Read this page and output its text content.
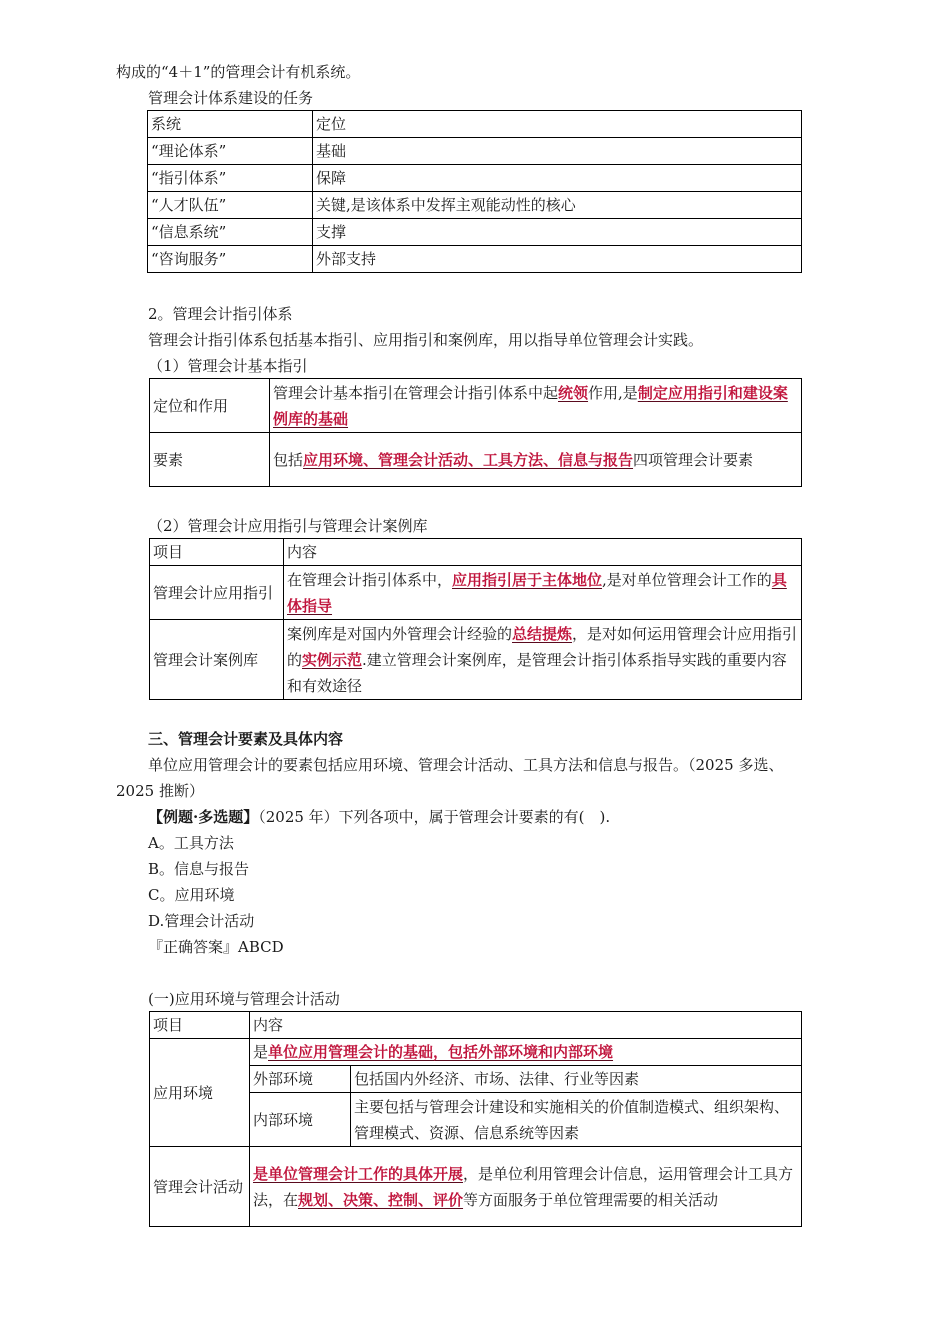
构成的“4＋1”的管理会计有机系统。
管理会计体系建设的任务
系统	定位
“理论体系”	基础
“指引体系”	保障
“人才队伍”	关键,是该体系中发挥主观能动性的核心
“信息系统”	支撑
“咨询服务”	外部支持
2。管理会计指引体系
管理会计指引体系包括基本指引、应用指引和案例库，用以指导单位管理会计实践。
（1）管理会计基本指引
定位和作用	管理会计基本指引在管理会计指引体系中起统领作用,是制定应用指引和建设案例库的基础
要素	包括应用环境、管理会计活动、工具方法、信息与报告四项管理会计要素
（2）管理会计应用指引与管理会计案例库
项目	内容
管理会计应用指引	在管理会计指引体系中，应用指引居于主体地位,是对单位管理会计工作的具体指导
管理会计案例库	案例库是对国内外管理会计经验的总结提炼，是对如何运用管理会计应用指引的实例示范.建立管理会计案例库，是管理会计指引体系指导实践的重要内容和有效途径
三、管理会计要素及具体内容
单位应用管理会计的要素包括应用环境、管理会计活动、工具方法和信息与报告。（2025 多选、2025 推断）
【例题·多选题】（2025 年）下列各项中，属于管理会计要素的有(　).
A。工具方法
B。信息与报告
C。应用环境
D.管理会计活动
『正确答案』ABCD
(一)应用环境与管理会计活动
项目	内容	
应用环境	是单位应用管理会计的基础，包括外部环境和内部环境	
	外部环境	包括国内外经济、市场、法律、行业等因素
	内部环境	主要包括与管理会计建设和实施相关的价值制造模式、组织架构、管理模式、资源、信息系统等因素
管理会计活动	是单位管理会计工作的具体开展，是单位利用管理会计信息，运用管理会计工具方法，在规划、决策、控制、评价等方面服务于单位管理需要的相关活动	
